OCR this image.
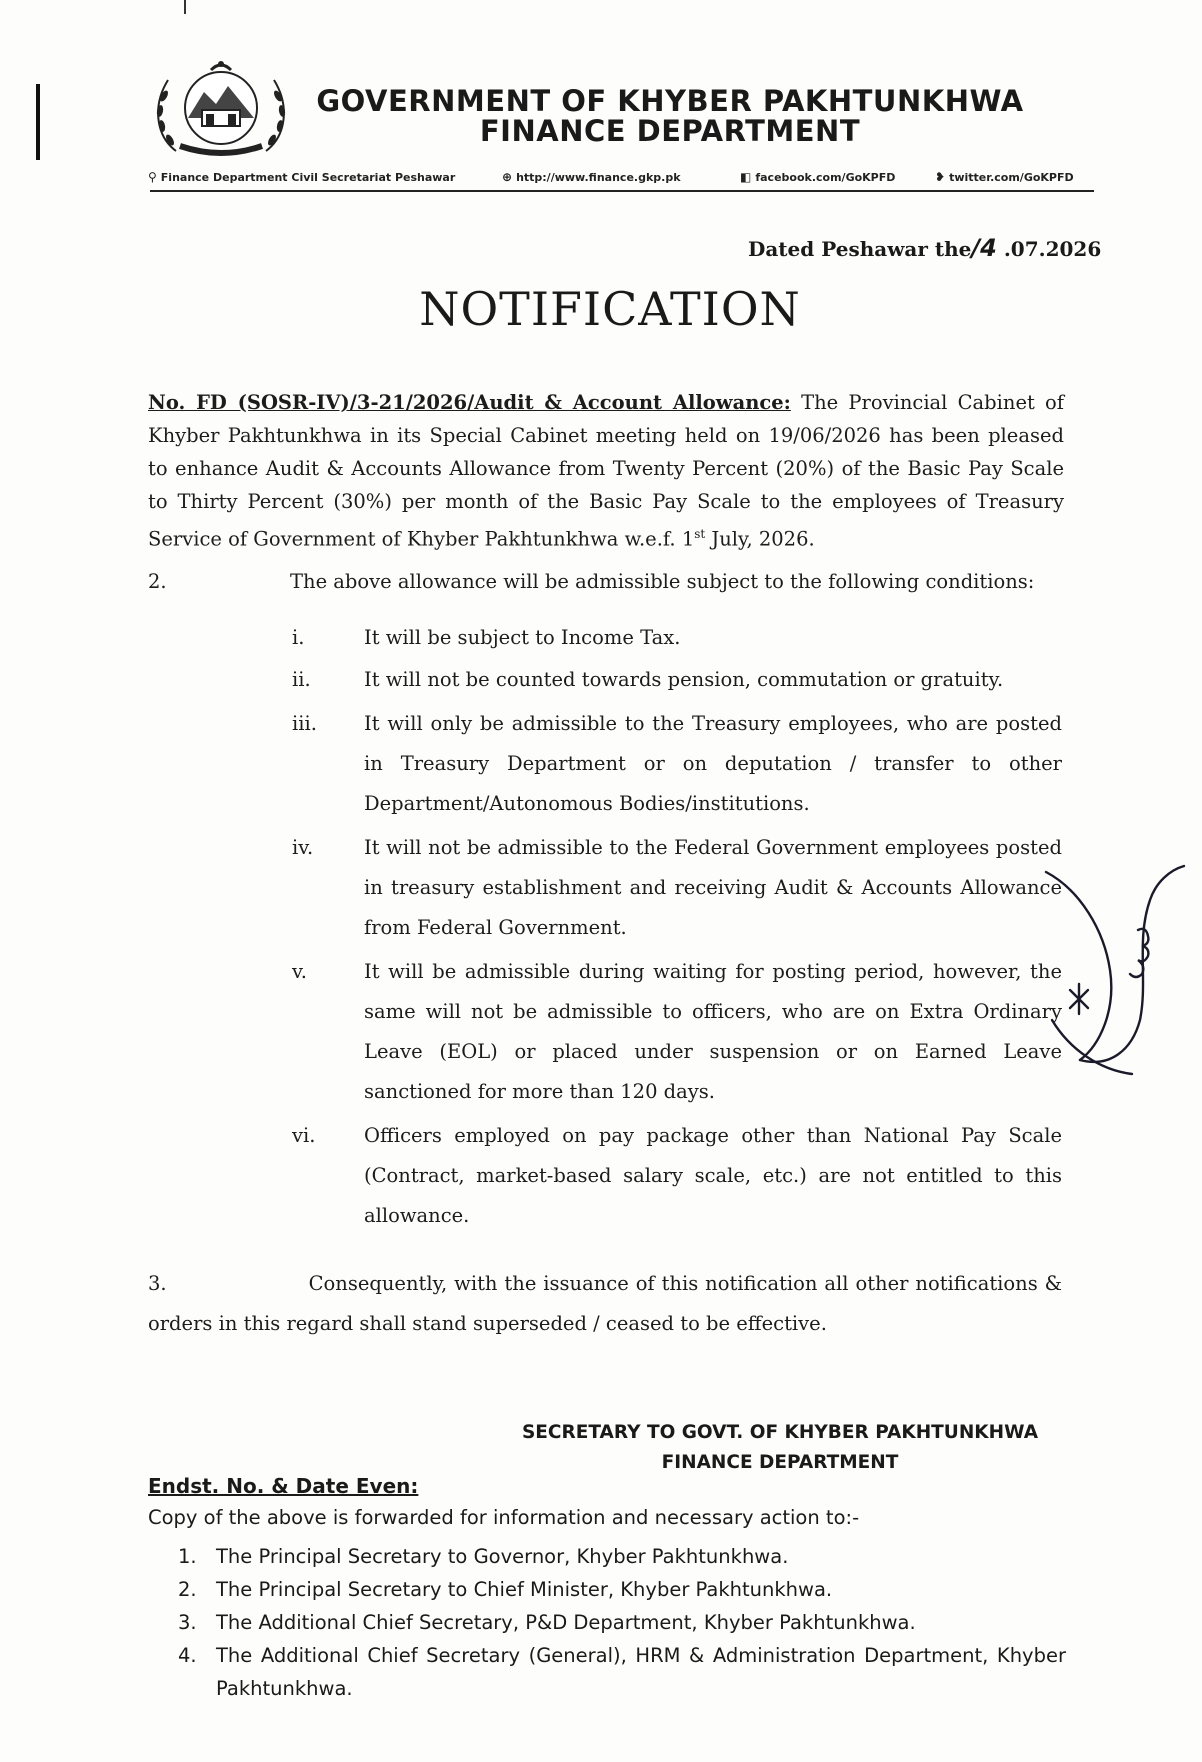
GOVERNMENT OF KHYBER PAKHTUNKHWA
FINANCE DEPARTMENT
⚲ Finance Department Civil Secretariat Peshawar	⊕ http://www.finance.gkp.pk	◧ facebook.com/GoKPFD	❥ twitter.com/GoKPFD
Dated Peshawar the/4 .07.2026
NOTIFICATION
No. FD (SOSR-IV)/3-21/2026/Audit & Account Allowance: The Provincial Cabinet of Khyber Pakhtunkhwa in its Special Cabinet meeting held on 19/06/2026 has been pleased to enhance Audit & Accounts Allowance from Twenty Percent (20%) of the Basic Pay Scale to Thirty Percent (30%) per month of the Basic Pay Scale to the employees of Treasury Service of Government of Khyber Pakhtunkhwa w.e.f. 1st July, 2026.
2.	The above allowance will be admissible subject to the following conditions:
i.	It will be subject to Income Tax.
ii.	It will not be counted towards pension, commutation or gratuity.
iii. It will only be admissible to the Treasury employees, who are posted in Treasury Department or on deputation / transfer to other Department/Autonomous Bodies/institutions.
iv.	It will not be admissible to the Federal Government employees posted in treasury establishment and receiving Audit & Accounts Allowance from Federal Government.
v.	It will be admissible during waiting for posting period, however, the same will not be admissible to officers, who are on Extra Ordinary Leave (EOL) or placed under suspension or on Earned Leave sanctioned for more than 120 days.
vi. Officers employed on pay package other than National Pay Scale (Contract, market-based salary scale, etc.) are not entitled to this allowance.
3.	Consequently, with the issuance of this notification all other notifications & orders in this regard shall stand superseded / ceased to be effective.
SECRETARY TO GOVT. OF KHYBER PAKHTUNKHWA
FINANCE DEPARTMENT
Endst. No. & Date Even:
Copy of the above is forwarded for information and necessary action to:-
1. The Principal Secretary to Governor, Khyber Pakhtunkhwa.
2. The Principal Secretary to Chief Minister, Khyber Pakhtunkhwa.
3. The Additional Chief Secretary, P&D Department, Khyber Pakhtunkhwa.
4. The Additional Chief Secretary (General), HRM & Administration Department, Khyber Pakhtunkhwa.
